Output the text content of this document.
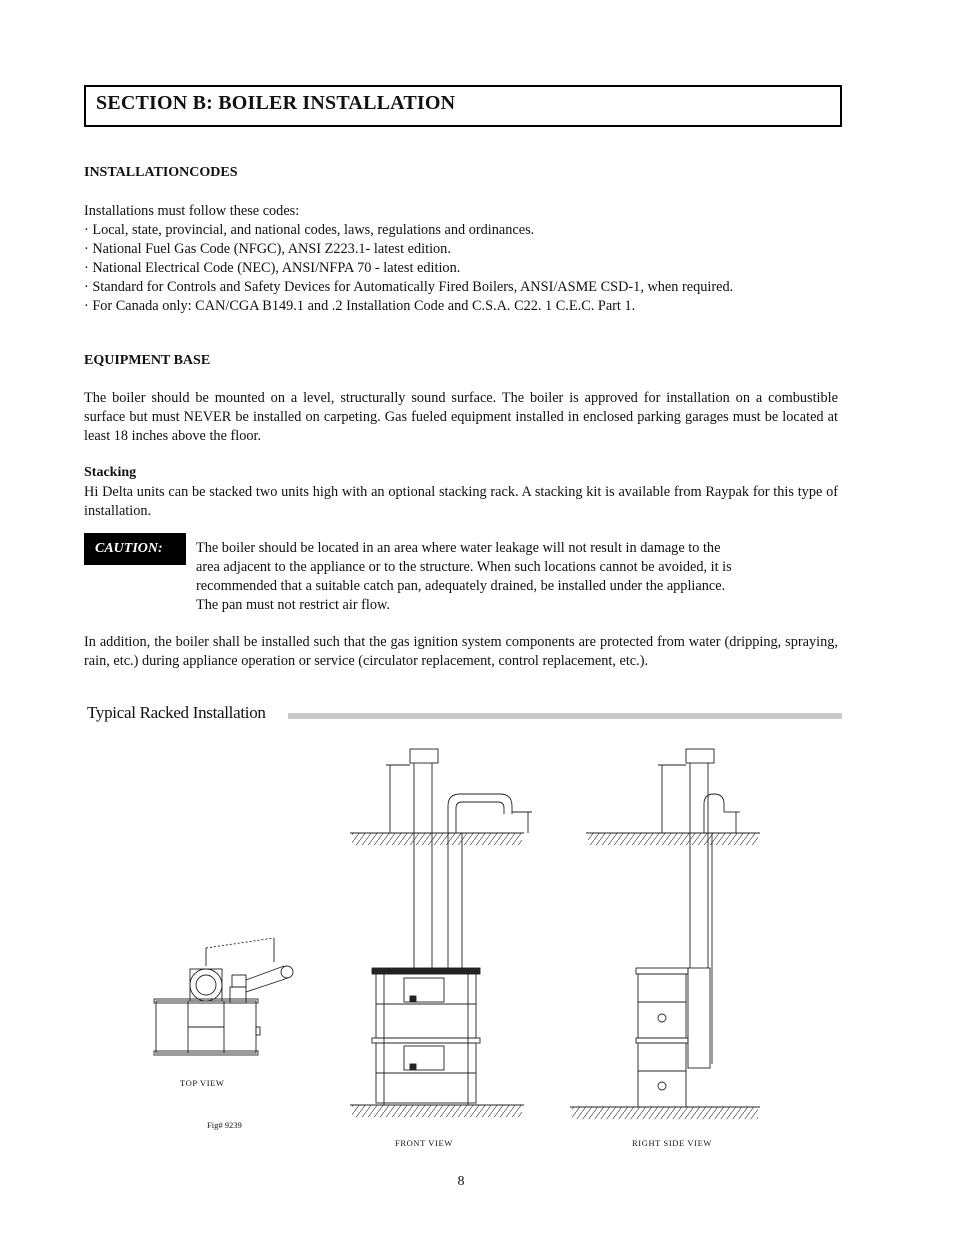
SECTION B: BOILER INSTALLATION
INSTALLATIONCODES
Installations must follow these codes:
· Local, state, provincial, and national codes, laws, regulations and ordinances.
· National Fuel Gas Code (NFGC), ANSI Z223.1- latest edition.
· National Electrical Code (NEC), ANSI/NFPA 70 - latest edition.
· Standard for Controls and Safety Devices for Automatically Fired Boilers, ANSI/ASME CSD-1, when required.
· For Canada only: CAN/CGA B149.1 and .2 Installation Code and C.S.A. C22. 1 C.E.C. Part 1.
EQUIPMENT BASE
The boiler should be mounted on a level, structurally sound surface. The boiler is approved for installation on a combustible surface but must NEVER be installed on carpeting. Gas fueled equipment installed in enclosed parking garages must be located at least 18 inches above the floor.
Stacking
Hi Delta units can be stacked two units high with an optional stacking rack. A stacking kit is available from Raypak for this type of installation.
CAUTION:	The boiler should be located in an area where water leakage will not result in damage to the
area adjacent to the appliance or to the structure. When such locations cannot be avoided, it is
recommended that a suitable catch pan, adequately drained, be installed under the appliance.
The pan must not restrict air flow.
In addition, the boiler shall be installed such that the gas ignition system components are protected from water (dripping, spraying, rain, etc.) during appliance operation or service (circulator replacement, control replacement, etc.).
Typical Racked Installation
TOP VIEW
Fig# 9239
FRONT VIEW	RIGHT SIDE VIEW
8
